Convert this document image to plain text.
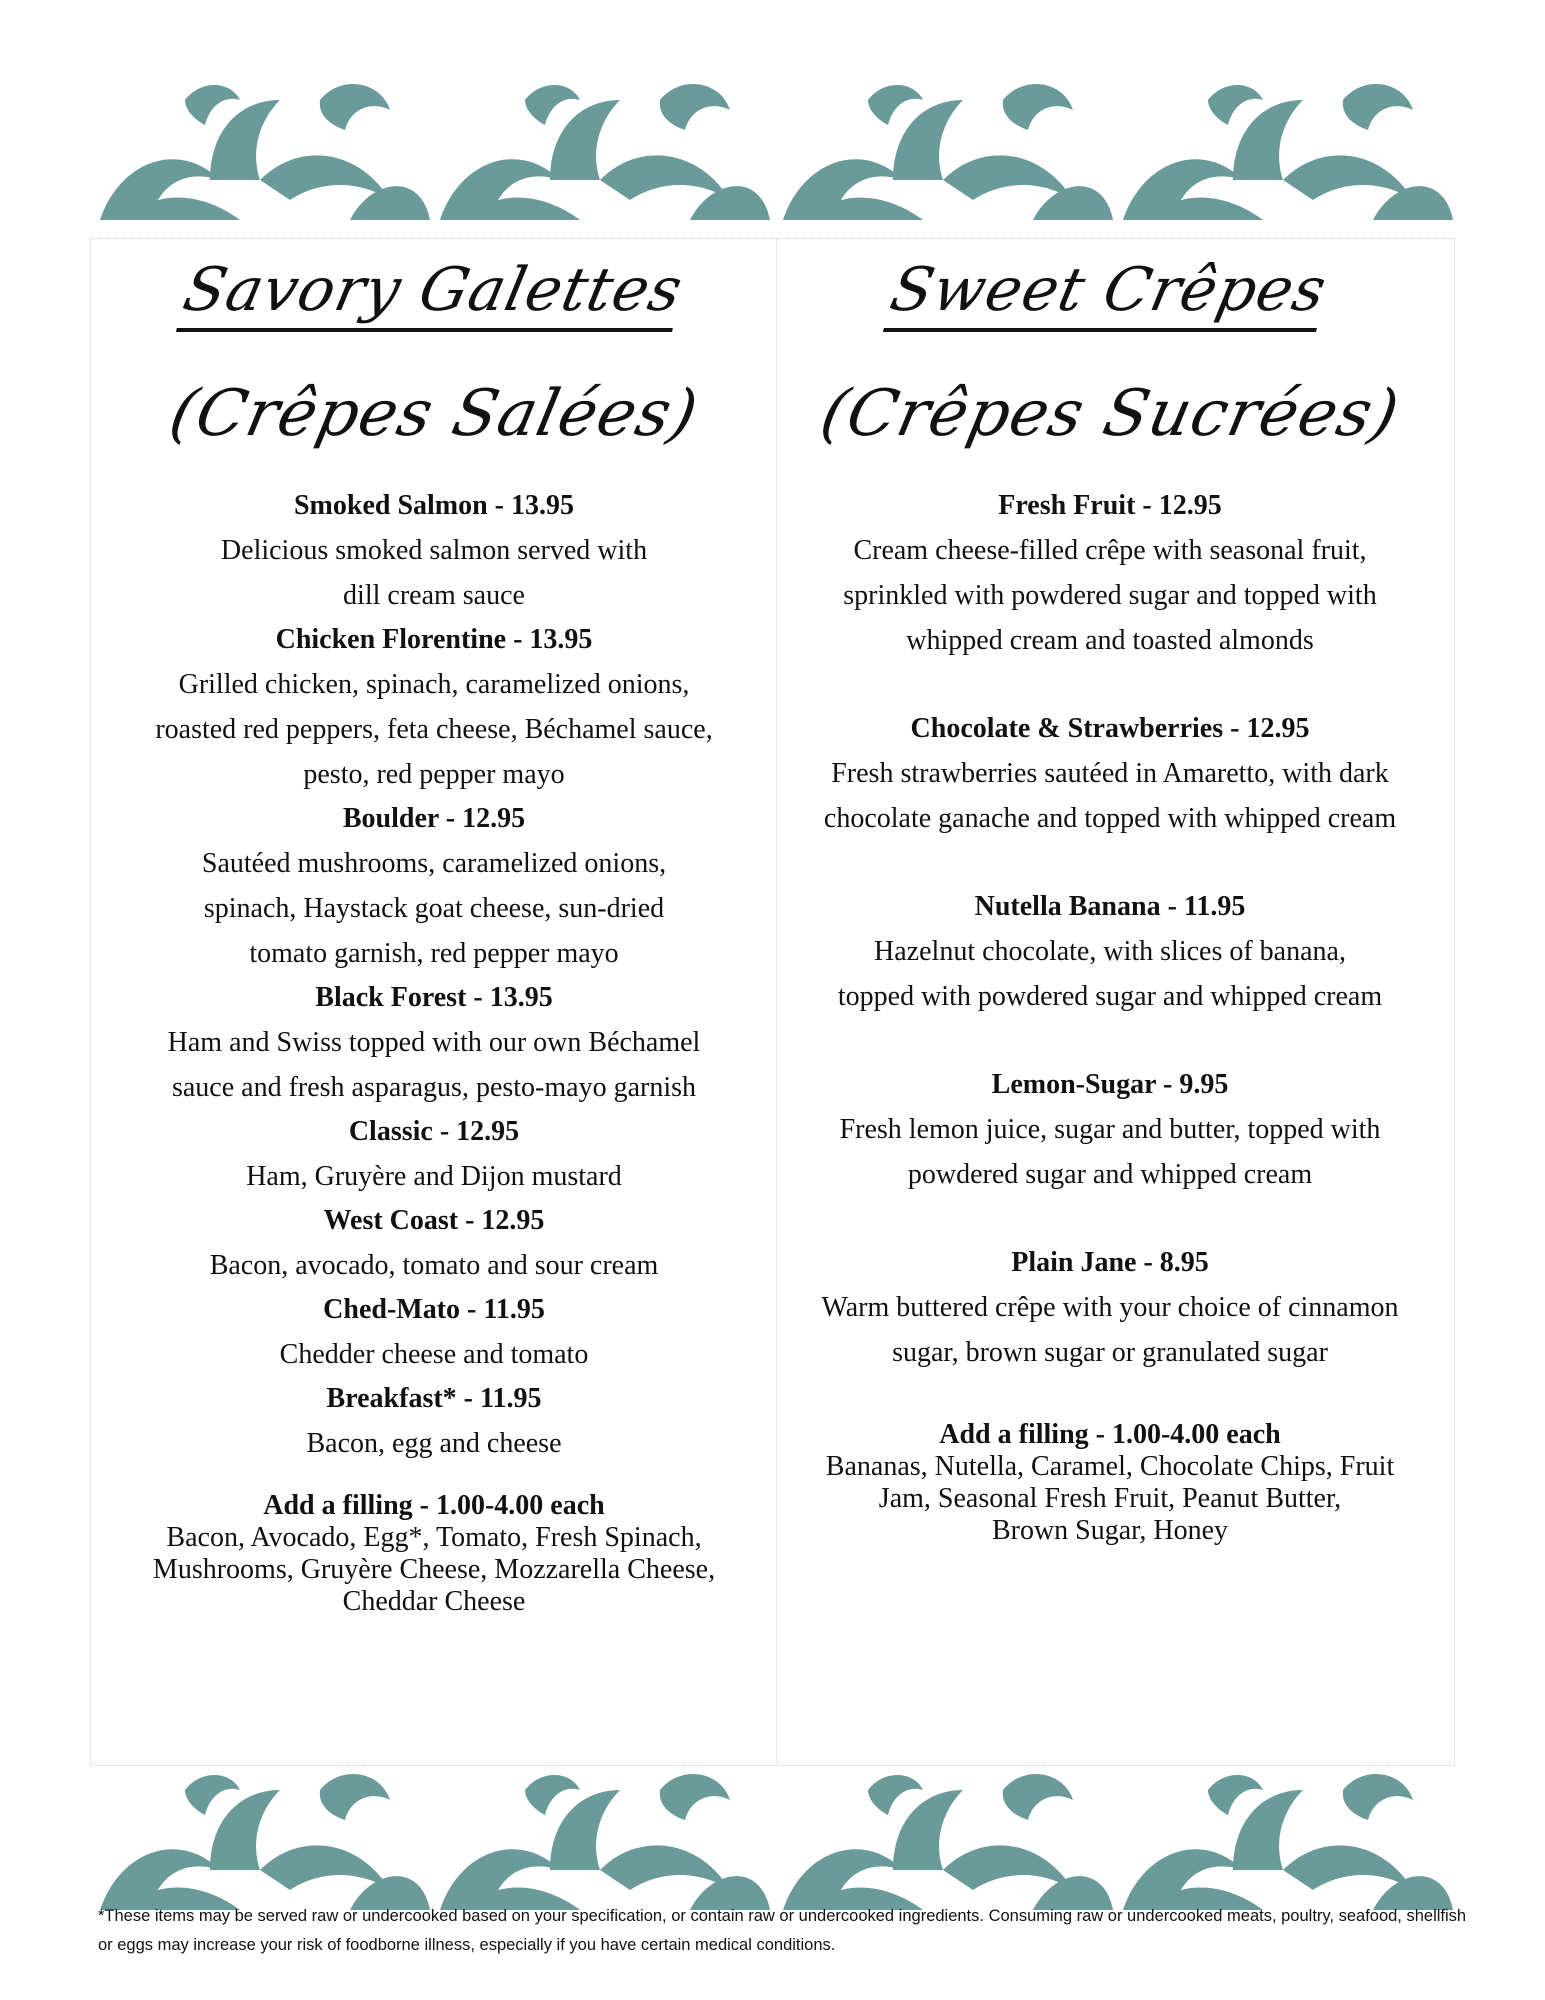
Savory Galettes
(Crêpes Salées)
Smoked Salmon - 13.95
Delicious smoked salmon served with
dill cream sauce
Chicken Florentine - 13.95
Grilled chicken, spinach, caramelized onions,
roasted red peppers, feta cheese, Béchamel sauce,
pesto, red pepper mayo
Boulder - 12.95
Sautéed mushrooms, caramelized onions,
spinach, Haystack goat cheese, sun-dried
tomato garnish, red pepper mayo
Black Forest - 13.95
Ham and Swiss topped with our own Béchamel
sauce and fresh asparagus, pesto-mayo garnish
Classic - 12.95
Ham, Gruyère and Dijon mustard
West Coast - 12.95
Bacon, avocado, tomato and sour cream
Ched-Mato - 11.95
Chedder cheese and tomato
Breakfast* - 11.95
Bacon, egg and cheese
Add a filling - 1.00-4.00 each
Bacon, Avocado, Egg*, Tomato, Fresh Spinach,
Mushrooms, Gruyère Cheese, Mozzarella Cheese,
Cheddar Cheese
Sweet Crêpes
(Crêpes Sucrées)
Fresh Fruit - 12.95
Cream cheese-filled crêpe with seasonal fruit,
sprinkled with powdered sugar and topped with
whipped cream and toasted almonds
Chocolate & Strawberries - 12.95
Fresh strawberries sautéed in Amaretto, with dark
chocolate ganache and topped with whipped cream
Nutella Banana - 11.95
Hazelnut chocolate, with slices of banana,
topped with powdered sugar and whipped cream
Lemon-Sugar - 9.95
Fresh lemon juice, sugar and butter, topped with
powdered sugar and whipped cream
Plain Jane - 8.95
Warm buttered crêpe with your choice of cinnamon
sugar, brown sugar or granulated sugar
Add a filling - 1.00-4.00 each
Bananas, Nutella, Caramel, Chocolate Chips, Fruit
Jam, Seasonal Fresh Fruit, Peanut Butter,
Brown Sugar, Honey
*These items may be served raw or undercooked based on your specification, or contain raw or undercooked ingredients. Consuming raw or undercooked meats, poultry, seafood, shellfish or eggs may increase your risk of foodborne illness, especially if you have certain medical conditions.
